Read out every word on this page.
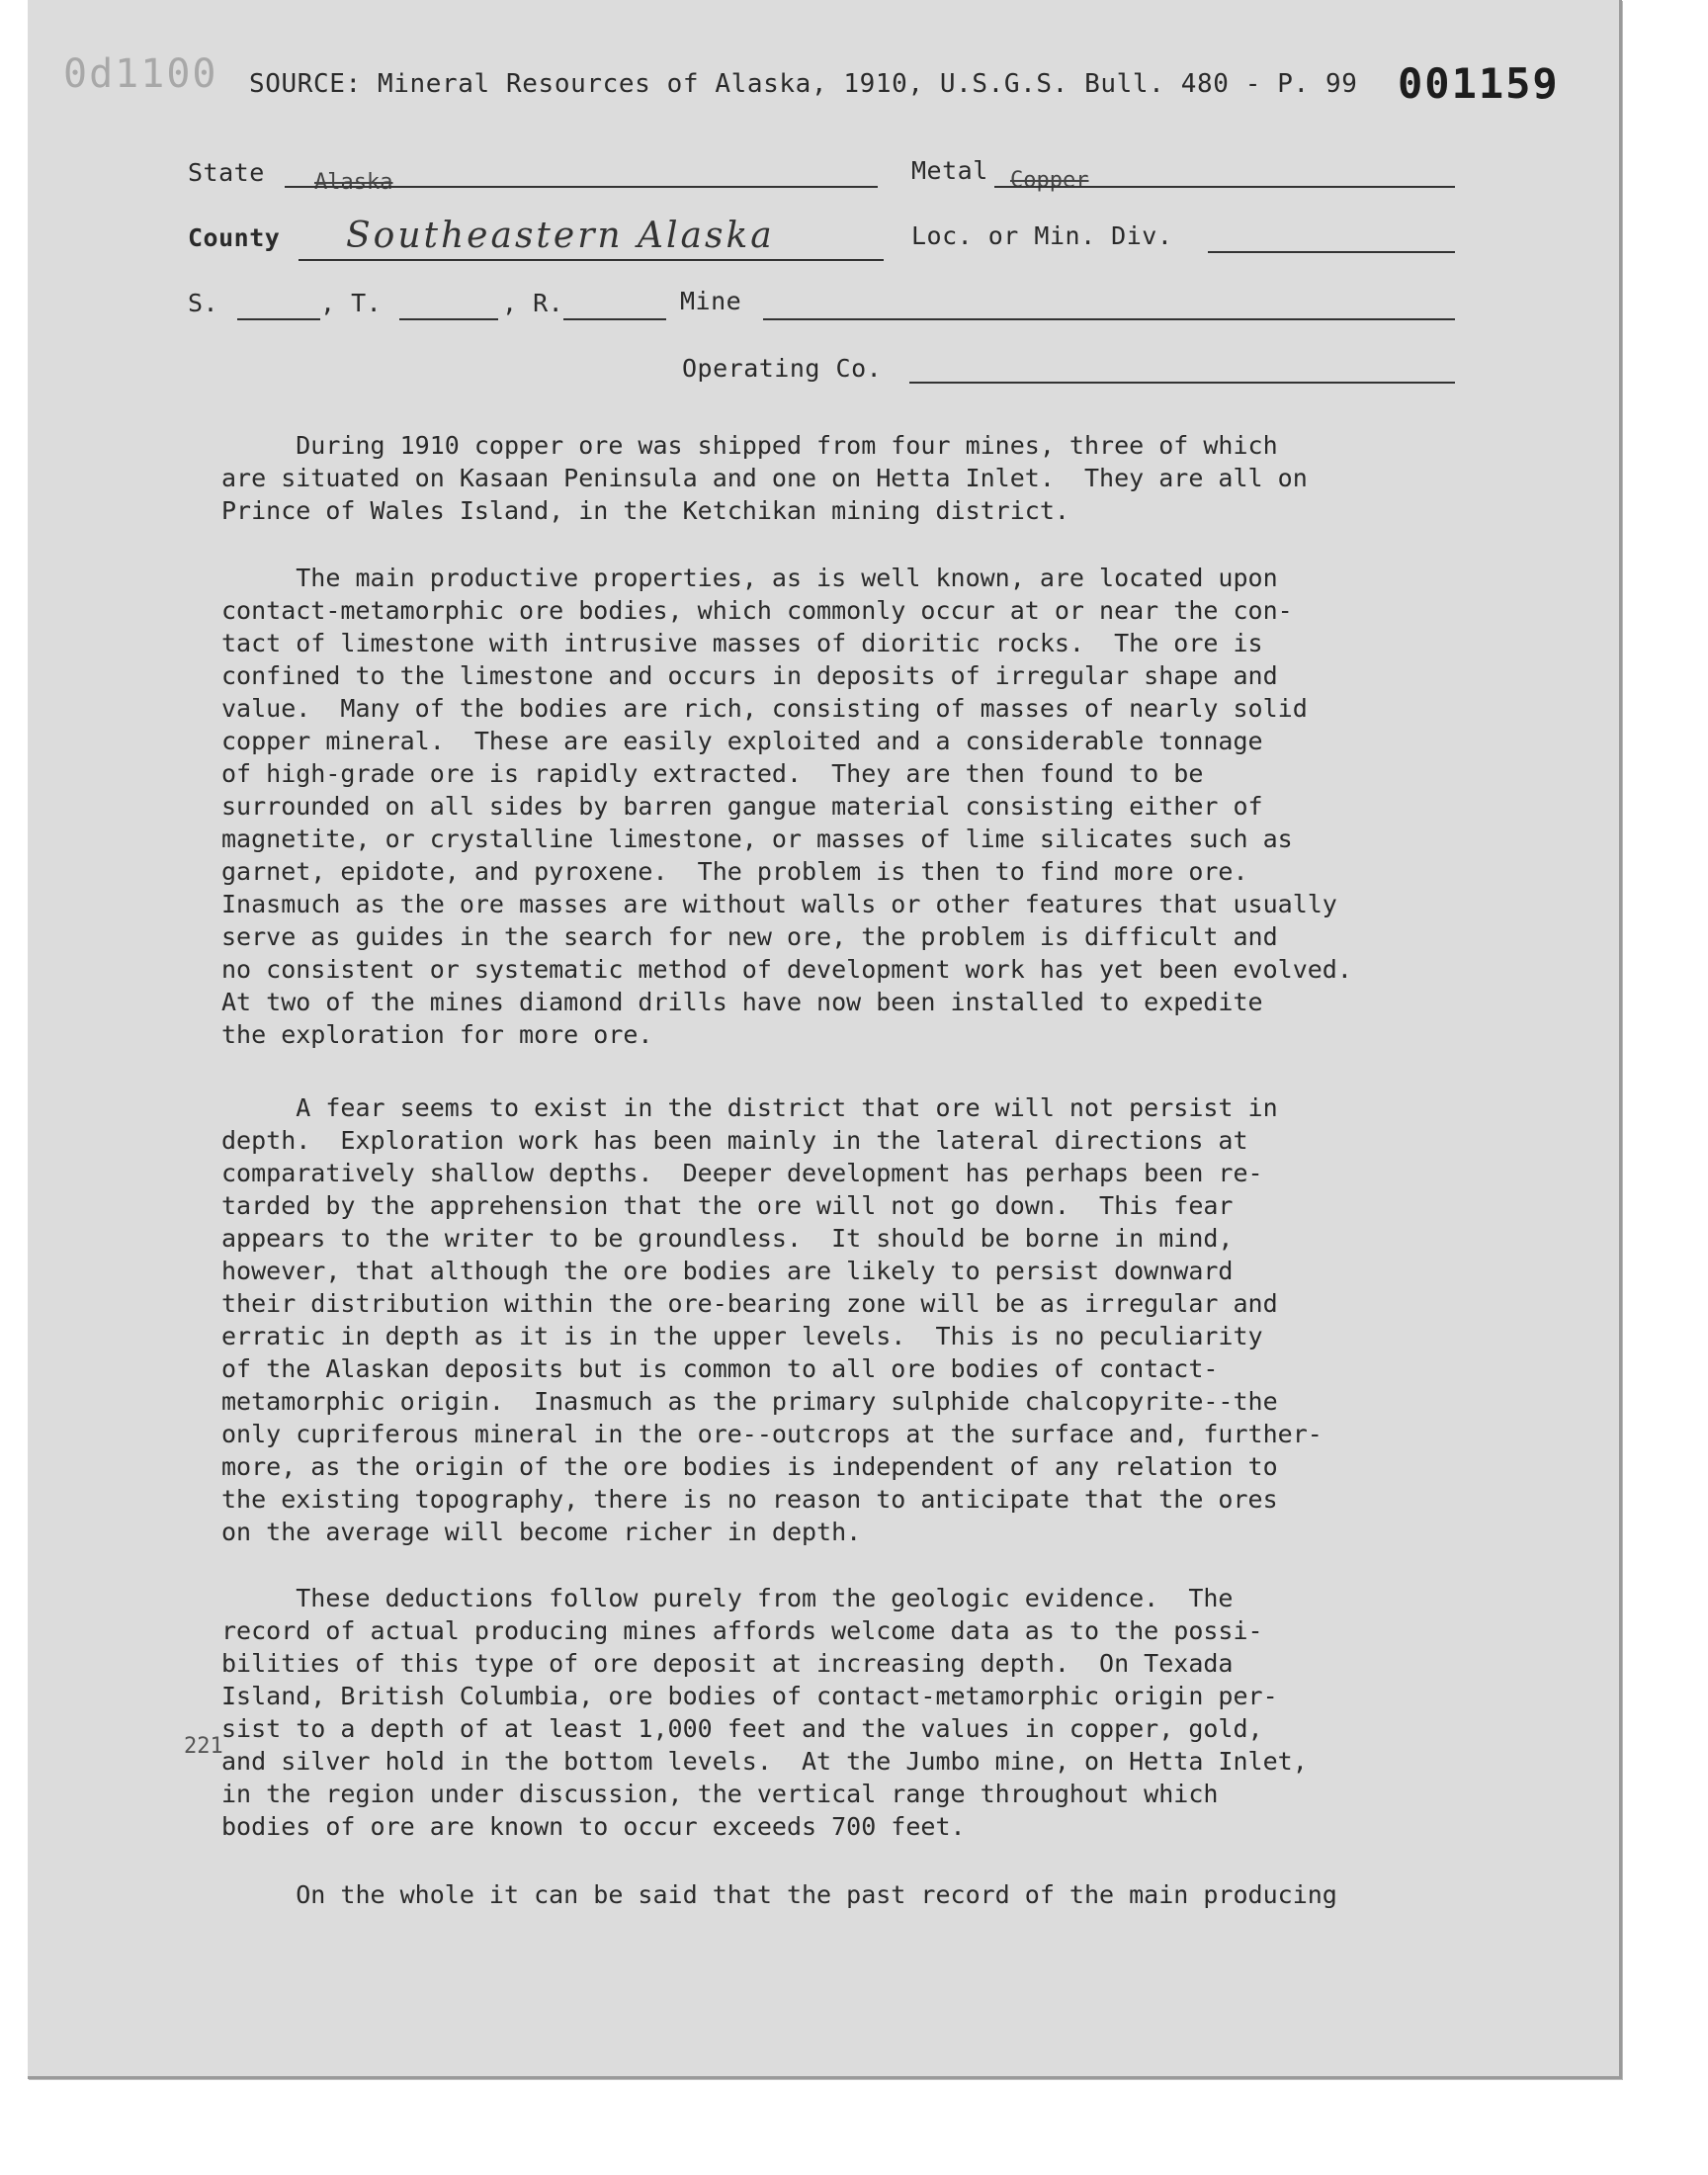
0d1100 SOURCE: Mineral Resources of Alaska, 1910, U.S.G.S. Bull. 480 - P. 99 001159
State Alaska	Metal Copper
County Southeastern Alaska	Loc. or Min. Div.
S.	, T.	, R.	Mine
Operating Co.
During 1910 copper ore was shipped from four mines, three of which
are situated on Kasaan Peninsula and one on Hetta Inlet.  They are all on
Prince of Wales Island, in the Ketchikan mining district.
The main productive properties, as is well known, are located upon
contact-metamorphic ore bodies, which commonly occur at or near the con-
tact of limestone with intrusive masses of dioritic rocks.  The ore is
confined to the limestone and occurs in deposits of irregular shape and
value.  Many of the bodies are rich, consisting of masses of nearly solid
copper mineral.  These are easily exploited and a considerable tonnage
of high-grade ore is rapidly extracted.  They are then found to be
surrounded on all sides by barren gangue material consisting either of
magnetite, or crystalline limestone, or masses of lime silicates such as
garnet, epidote, and pyroxene.  The problem is then to find more ore.
Inasmuch as the ore masses are without walls or other features that usually
serve as guides in the search for new ore, the problem is difficult and
no consistent or systematic method of development work has yet been evolved.
At two of the mines diamond drills have now been installed to expedite
the exploration for more ore.
A fear seems to exist in the district that ore will not persist in
depth.  Exploration work has been mainly in the lateral directions at
comparatively shallow depths.  Deeper development has perhaps been re-
tarded by the apprehension that the ore will not go down.  This fear
appears to the writer to be groundless.  It should be borne in mind,
however, that although the ore bodies are likely to persist downward
their distribution within the ore-bearing zone will be as irregular and
erratic in depth as it is in the upper levels.  This is no peculiarity
of the Alaskan deposits but is common to all ore bodies of contact-
metamorphic origin.  Inasmuch as the primary sulphide chalcopyrite--the
only cupriferous mineral in the ore--outcrops at the surface and, further-
more, as the origin of the ore bodies is independent of any relation to
the existing topography, there is no reason to anticipate that the ores
on the average will become richer in depth.
These deductions follow purely from the geologic evidence.  The
record of actual producing mines affords welcome data as to the possi-
bilities of this type of ore deposit at increasing depth.  On Texada
Island, British Columbia, ore bodies of contact-metamorphic origin per-
sist to a depth of at least 1,000 feet and the values in copper, gold,
and silver hold in the bottom levels.  At the Jumbo mine, on Hetta Inlet,
in the region under discussion, the vertical range throughout which
bodies of ore are known to occur exceeds 700 feet.
On the whole it can be said that the past record of the main producing
221
